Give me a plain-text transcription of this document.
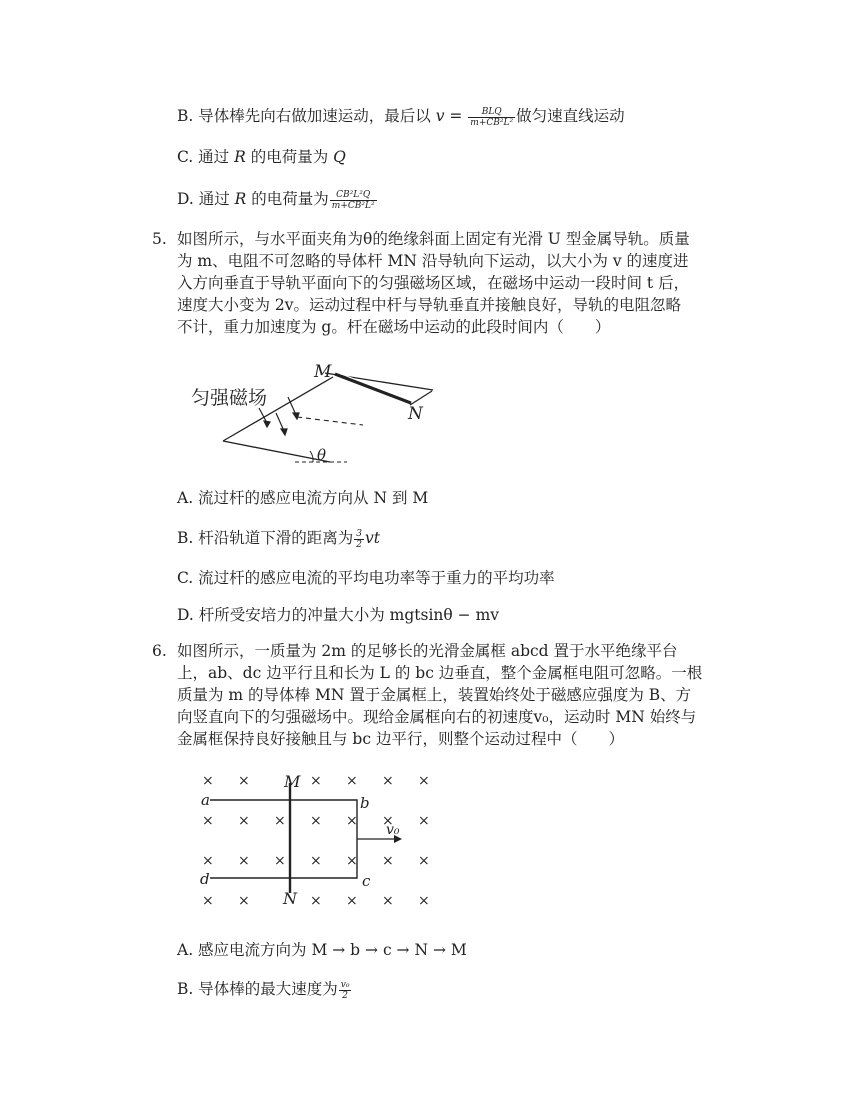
B. 导体棒先向右做加速运动，最后以 $v = \frac{\text{BLQ}}{\text{m+CB²L²}}$ 做匀速直线运动
C. 通过 R 的电荷量为 Q
D. 通过 R 的电荷量为 $\frac{\text{CB²L²Q}}{\text{m+CB²L²}}$
5. 如图所示，与水平面夹角为θ的绝缘斜面上固定有光滑 U 型金属导轨。质量
为 m、电阻不可忽略的导体杆 MN 沿导轨向下运动，以大小为 v 的速度进
入方向垂直于导轨平面向下的匀强磁场区域，在磁场中运动一段时间 t 后，
速度大小变为 2v。运动过程中杆与导轨垂直并接触良好，导轨的电阻忽略
不计，重力加速度为 g。杆在磁场中运动的此段时间内（　　）
匀强磁场
M
N
θ
A. 流过杆的感应电流方向从 N 到 M
B. 杆沿轨道下滑的距离为 $\frac{3}{2}$ vt
C. 流过杆的感应电流的平均电功率等于重力的平均功率
D. 杆所受安培力的冲量大小为 mgtsinθ − mv
6. 如图所示，一质量为 2m 的足够长的光滑金属框 abcd 置于水平绝缘平台
上，ab、dc 边平行且和长为 L 的 bc 边垂直，整个金属框电阻可忽略。一根
质量为 m 的导体棒 MN 置于金属框上，装置始终处于磁感应强度为 B、方
向竖直向下的匀强磁场中。现给金属框向右的初速度v₀，运动时 MN 始终与
金属框保持良好接触且与 bc 边平行，则整个运动过程中（　　）
× ×	× × × ×
× × × × × × ×
× × × × × × ×
× ×	× × × ×
M
N
a	b
c
d
v₀
A. 感应电流方向为 M → b → c → N → M
B. 导体棒的最大速度为 $\frac{\text{v₀}}{2}$
